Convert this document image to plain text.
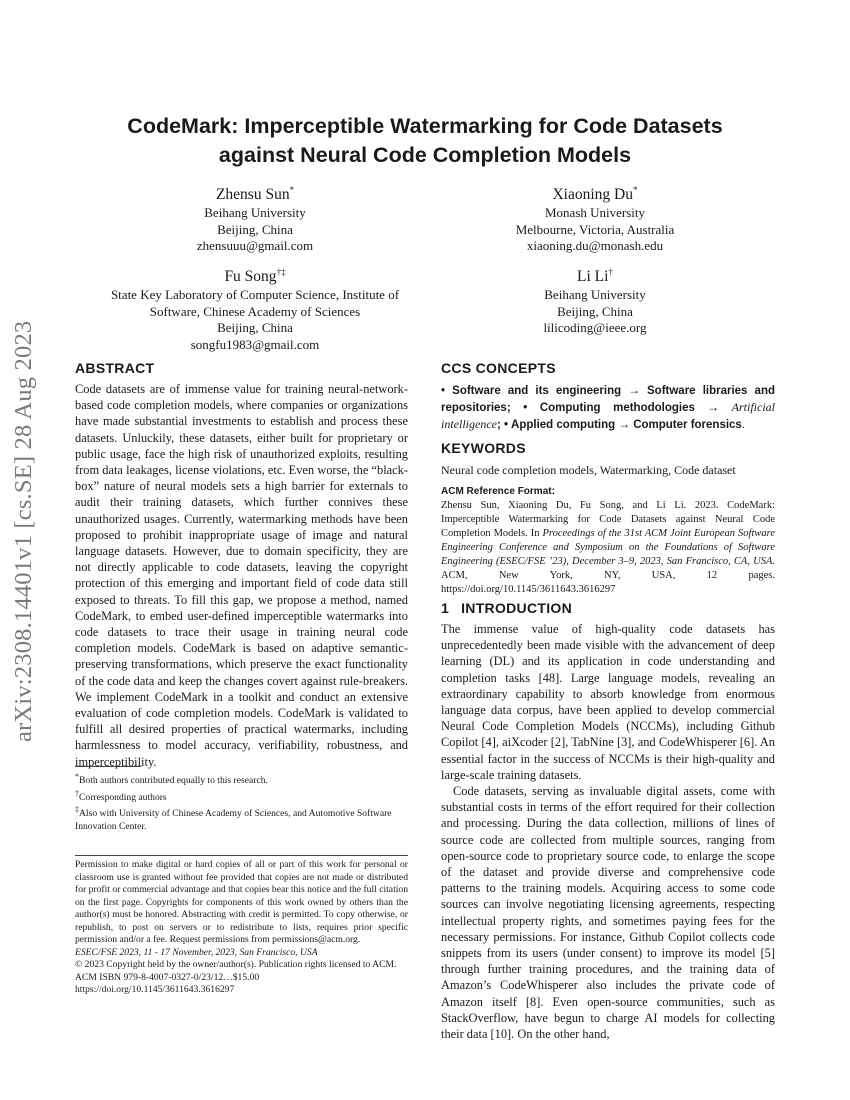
arXiv:2308.14401v1 [cs.SE] 28 Aug 2023
CodeMark: Imperceptible Watermarking for Code Datasets
against Neural Code Completion Models
Zhensu Sun*
Beihang University
Beijing, China
zhensuuu@gmail.com
Xiaoning Du*
Monash University
Melbourne, Victoria, Australia
xiaoning.du@monash.edu
Fu Song†‡
State Key Laboratory of Computer Science, Institute of
Software, Chinese Academy of Sciences
Beijing, China
songfu1983@gmail.com
Li Li†
Beihang University
Beijing, China
lilicoding@ieee.org
ABSTRACT

Code datasets are of immense value for training neural-network-based code completion models, where companies or organizations have made substantial investments to establish and process these datasets. Unluckily, these datasets, either built for proprietary or public usage, face the high risk of unauthorized exploits, resulting from data leakages, license violations, etc. Even worse, the “black-box” nature of neural models sets a high barrier for externals to audit their training datasets, which further connives these unauthorized usages. Currently, watermarking methods have been proposed to prohibit inappropriate usage of image and natural language datasets. However, due to domain specificity, they are not directly applicable to code datasets, leaving the copyright protection of this emerging and important field of code data still exposed to threats. To fill this gap, we propose a method, named CodeMark, to embed user-defined imperceptible watermarks into code datasets to trace their usage in training neural code completion models. CodeMark is based on adaptive semantic-preserving transformations, which preserve the exact functionality of the code data and keep the changes covert against rule-breakers. We implement CodeMark in a toolkit and conduct an extensive evaluation of code completion models. CodeMark is validated to fulfill all desired properties of practical watermarks, including harmlessness to model accuracy, verifiability, robustness, and imperceptibility.

*Both authors contributed equally to this research.
†Corresponding authors
‡Also with University of Chinese Academy of Sciences, and Automotive Software Innovation Center.
Permission to make digital or hard copies of all or part of this work for personal or classroom use is granted without fee provided that copies are not made or distributed for profit or commercial advantage and that copies bear this notice and the full citation on the first page. Copyrights for components of this work owned by others than the author(s) must be honored. Abstracting with credit is permitted. To copy otherwise, or republish, to post on servers or to redistribute to lists, requires prior specific permission and/or a fee. Request permissions from permissions@acm.org.
ESEC/FSE 2023, 11 - 17 November, 2023, San Francisco, USA
© 2023 Copyright held by the owner/author(s). Publication rights licensed to ACM.
ACM ISBN 979-8-4007-0327-0/23/12…$15.00
https://doi.org/10.1145/3611643.3616297
CCS CONCEPTS

• Software and its engineering → Software libraries and repositories; • Computing methodologies → Artificial intelligence; • Applied computing → Computer forensics.

KEYWORDS

Neural code completion models, Watermarking, Code dataset

ACM Reference Format:

Zhensu Sun, Xiaoning Du, Fu Song, and Li Li. 2023. CodeMark: Imperceptible Watermarking for Code Datasets against Neural Code Completion Models. In Proceedings of the 31st ACM Joint European Software Engineering Conference and Symposium on the Foundations of Software Engineering (ESEC/FSE ’23), December 3–9, 2023, San Francisco, CA, USA. ACM, New York, NY, USA, 12 pages. https://doi.org/10.1145/3611643.3616297

1 INTRODUCTION

The immense value of high-quality code datasets has unprecedentedly been made visible with the advancement of deep learning (DL) and its application in code understanding and completion tasks [48]. Large language models, revealing an extraordinary capability to absorb knowledge from enormous language data corpus, have been applied to develop commercial Neural Code Completion Models (NCCMs), including Github Copilot [4], aiXcoder [2], TabNine [3], and CodeWhisperer [6]. An essential factor in the success of NCCMs is their high-quality and large-scale training datasets.

Code datasets, serving as invaluable digital assets, come with substantial costs in terms of the effort required for their collection and processing. During the data collection, millions of lines of source code are collected from multiple sources, ranging from open-source code to proprietary source code, to enlarge the scope of the dataset and provide diverse and comprehensive code patterns to the training models. Acquiring access to some code sources can involve negotiating licensing agreements, respecting intellectual property rights, and sometimes paying fees for the necessary permissions. For instance, Github Copilot collects code snippets from its users (under consent) to improve its model [5] through further training procedures, and the training data of Amazon’s CodeWhisperer also includes the private code of Amazon itself [8]. Even open-source communities, such as StackOverflow, have begun to charge AI models for collecting their data [10]. On the other hand,
